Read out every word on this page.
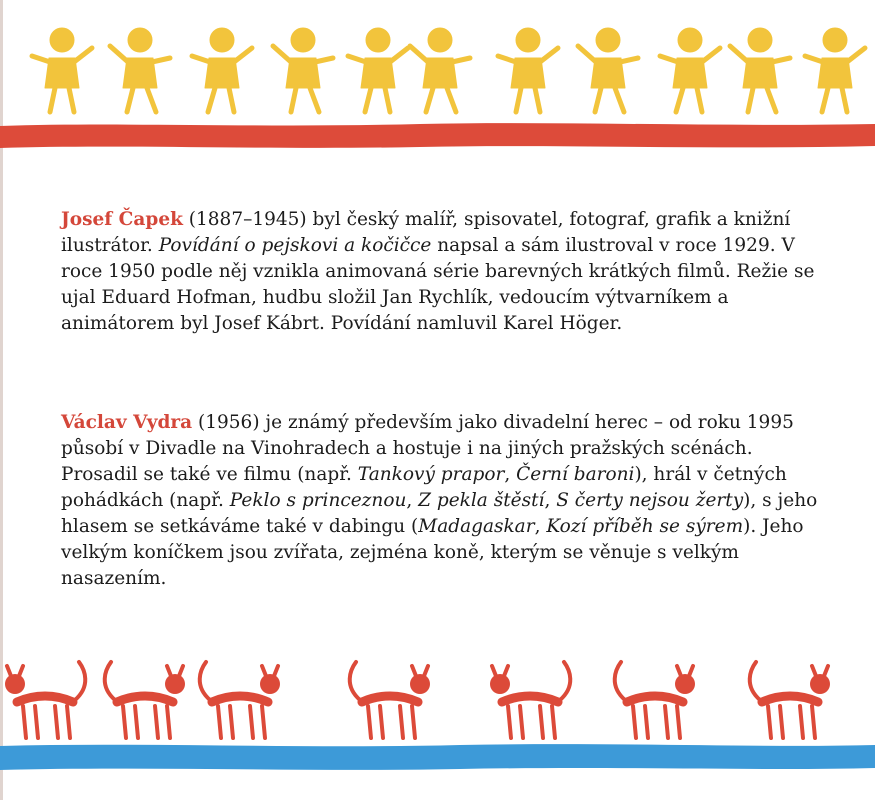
Josef Čapek (1887–1945) byl český malíř, spisovatel, fotograf, grafik a knižní ilustrátor. Povídání o pejskovi a kočičce napsal a sám ilustroval v roce 1929. V roce 1950 podle něj vznikla animovaná série barevných krátkých filmů. Režie se ujal Eduard Hofman, hudbu složil Jan Rychlík, vedoucím výtvarníkem a animátorem byl Josef Kábrt. Povídání namluvil Karel Höger.

Václav Vydra (1956) je známý především jako divadelní herec – od roku 1995 působí v Divadle na Vinohradech a hostuje i na jiných pražských scénách. Prosadil se také ve filmu (např. Tankový prapor, Černí baroni), hrál v četných pohádkách (např. Peklo s princeznou, Z pekla štěstí, S čerty nejsou žerty), s jeho hlasem se setkáváme také v dabingu (Madagaskar, Kozí příběh se sýrem). Jeho velkým koníčkem jsou zvířata, zejména koně, kterým se věnuje s velkým nasazením.
